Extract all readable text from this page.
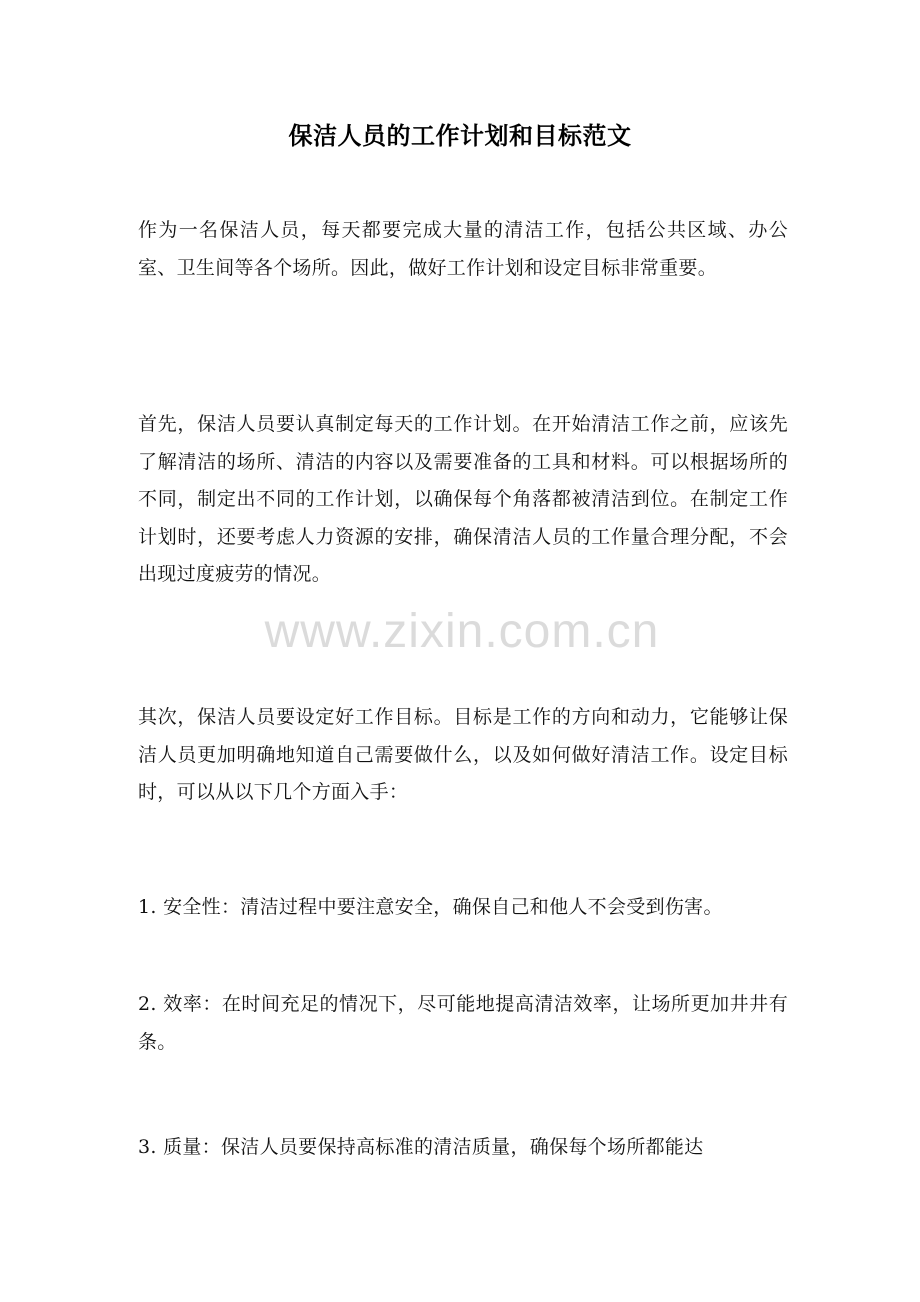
保洁人员的工作计划和目标范文
作为一名保洁人员，每天都要完成大量的清洁工作，包括公共区域、办公室、卫生间等各个场所。因此，做好工作计划和设定目标非常重要。
首先，保洁人员要认真制定每天的工作计划。在开始清洁工作之前，应该先了解清洁的场所、清洁的内容以及需要准备的工具和材料。可以根据场所的不同，制定出不同的工作计划，以确保每个角落都被清洁到位。在制定工作计划时，还要考虑人力资源的安排，确保清洁人员的工作量合理分配，不会出现过度疲劳的情况。
其次，保洁人员要设定好工作目标。目标是工作的方向和动力，它能够让保洁人员更加明确地知道自己需要做什么，以及如何做好清洁工作。设定目标时，可以从以下几个方面入手：
1. 安全性：清洁过程中要注意安全，确保自己和他人不会受到伤害。
2. 效率：在时间充足的情况下，尽可能地提高清洁效率，让场所更加井井有条。
3. 质量：保洁人员要保持高标准的清洁质量，确保每个场所都能达
www.zixin.com.cn
